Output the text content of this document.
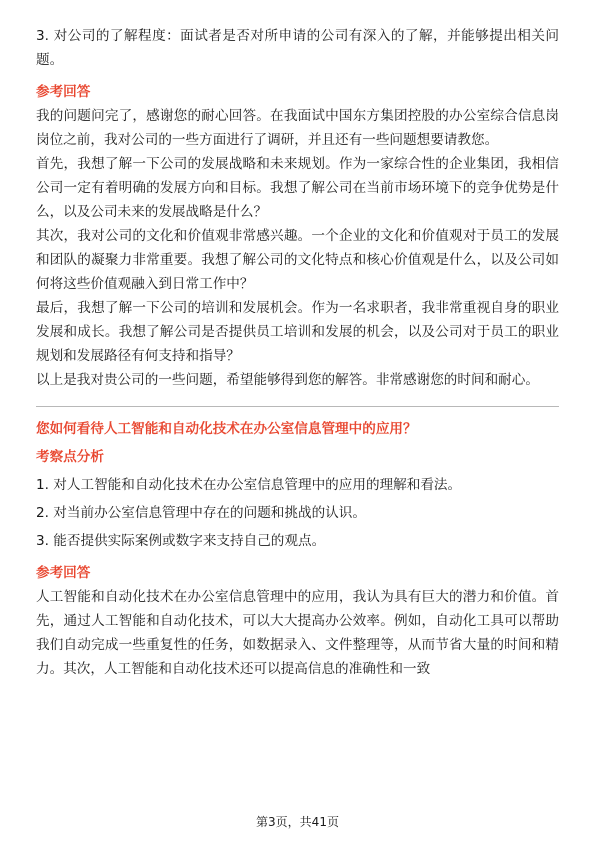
3. 对公司的了解程度：面试者是否对所申请的公司有深入的了解，并能够提出相关问题。

参考回答

我的问题问完了，感谢您的耐心回答。在我面试中国东方集团控股的办公室综合信息岗岗位之前，我对公司的一些方面进行了调研，并且还有一些问题想要请教您。

首先，我想了解一下公司的发展战略和未来规划。作为一家综合性的企业集团，我相信公司一定有着明确的发展方向和目标。我想了解公司在当前市场环境下的竞争优势是什么，以及公司未来的发展战略是什么？

其次，我对公司的文化和价值观非常感兴趣。一个企业的文化和价值观对于员工的发展和团队的凝聚力非常重要。我想了解公司的文化特点和核心价值观是什么，以及公司如何将这些价值观融入到日常工作中？

最后，我想了解一下公司的培训和发展机会。作为一名求职者，我非常重视自身的职业发展和成长。我想了解公司是否提供员工培训和发展的机会，以及公司对于员工的职业规划和发展路径有何支持和指导？

以上是我对贵公司的一些问题，希望能够得到您的解答。非常感谢您的时间和耐心。

您如何看待人工智能和自动化技术在办公室信息管理中的应用？

考察点分析

1. 对人工智能和自动化技术在办公室信息管理中的应用的理解和看法。

2. 对当前办公室信息管理中存在的问题和挑战的认识。

3. 能否提供实际案例或数字来支持自己的观点。

参考回答

人工智能和自动化技术在办公室信息管理中的应用，我认为具有巨大的潜力和价值。首先，通过人工智能和自动化技术，可以大大提高办公效率。例如，自动化工具可以帮助我们自动完成一些重复性的任务，如数据录入、文件整理等，从而节省大量的时间和精力。其次，人工智能和自动化技术还可以提高信息的准确性和一致

第3页，共41页
